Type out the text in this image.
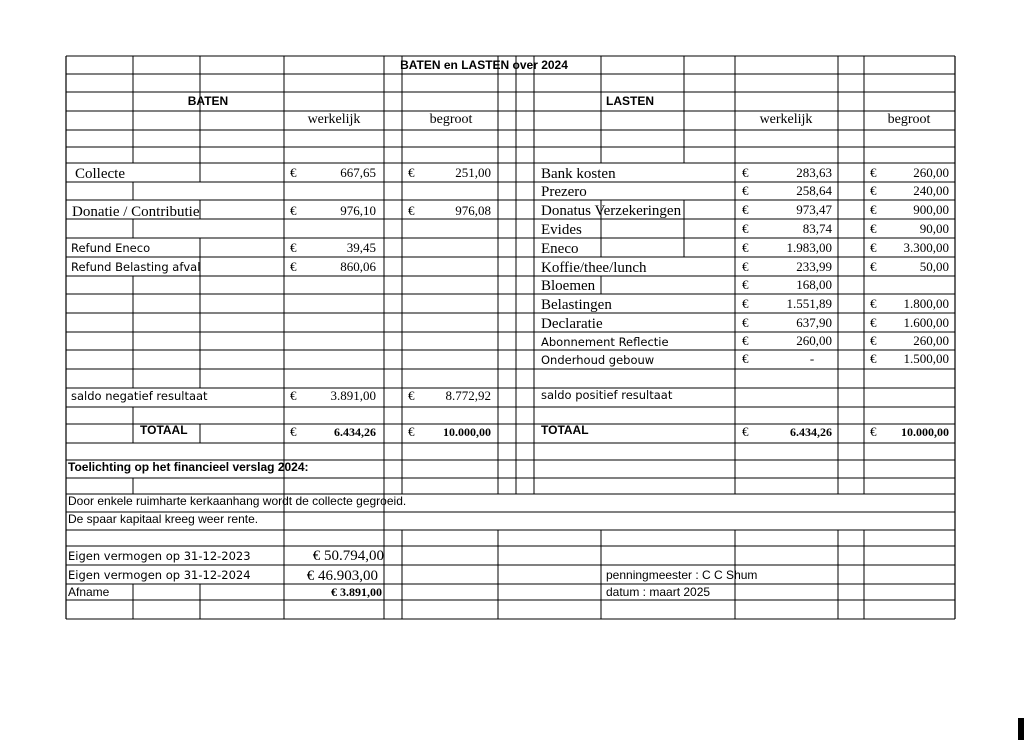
BATEN en LASTEN over 2024
BATEN	LASTEN
werkelijk	begroot	werkelijk	begroot
Collecte	€	667,65 €	251,00
Donatie / Contributie	€	976,10 €	976,08
Refund Eneco	€	39,45
Refund Belasting afval	€	860,06
Bank kosten	€	283,63	€	260,00
Prezero	€	258,64	€	240,00
Donatus Verzekeringen	€	973,47	€	900,00
Evides	€	83,74	€	90,00
Eneco	€	1.983,00	€ 3.300,00
Koffie/thee/lunch	€	233,99	€	50,00
Bloemen	€	168,00
Belastingen	€	1.551,89	€ 1.800,00
Declaratie	€	637,90	€ 1.600,00
Abonnement Reflectie	€	260,00	€	260,00
Onderhoud gebouw	€	-	€ 1.500,00
saldo negatief resultaat	€	3.891,00 € 8.772,92	saldo positief resultaat
TOTAAL	€	6.434,26 € 10.000,00	TOTAAL	€	6.434,26	€ 10.000,00
Toelichting op het financieel verslag 2024:
Door enkele ruimharte kerkaanhang wordt de collecte gegroeid.
De spaar kapitaal kreeg weer rente.
Eigen vermogen op 31-12-2023	€ 50.794,00
Eigen vermogen op 31-12-2024	€ 46.903,00
Afname	€ 3.891,00
penningmeester : C C Shum
datum : maart 2025
